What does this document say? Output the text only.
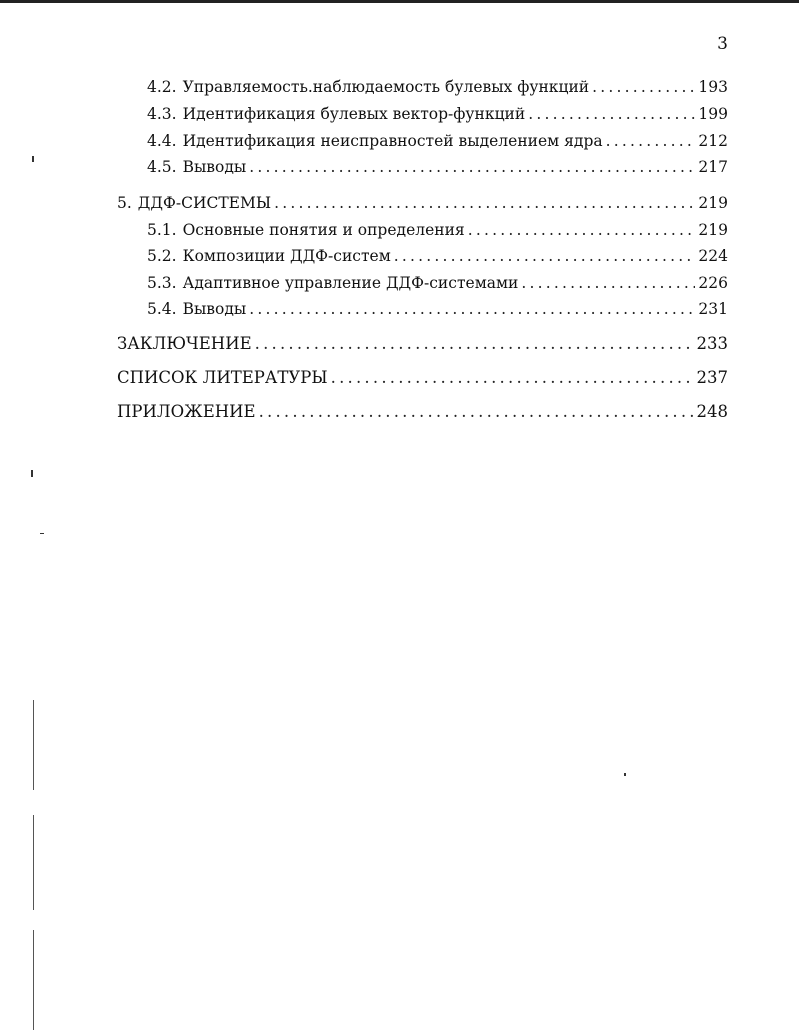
3
4.2. Управляемость.наблюдаемость булевых функций .....	193
4.3. Идентификация булевых вектор-функций .....	199
4.4. Идентификация неисправностей выделением ядра .....	212
4.5. Выводы .....	217
5. ДДФ-СИСТЕМЫ .....	219
5.1. Основные понятия и определения .....	219
5.2. Композиции ДДФ-систем .....	224
5.3. Адаптивное управление ДДФ-системами .....	226
5.4. Выводы .....	231
ЗАКЛЮЧЕНИЕ .....	233
СПИСОК ЛИТЕРАТУРЫ .....	237
ПРИЛОЖЕНИЕ .....	248
